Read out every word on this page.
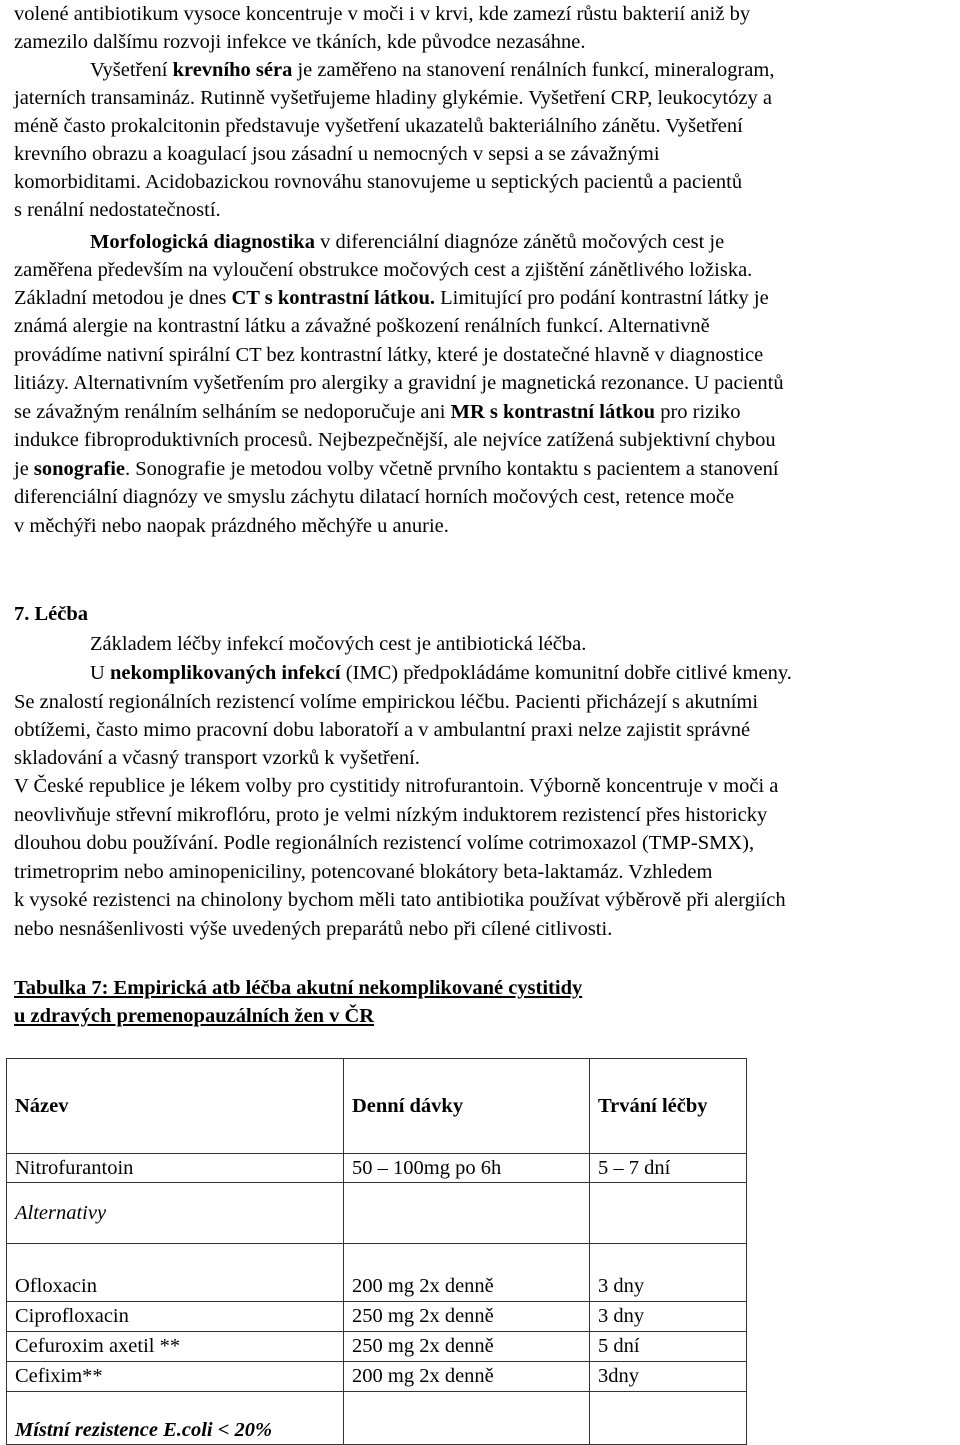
volené antibiotikum vysoce koncentruje v moči i v krvi, kde zamezí růstu bakterií aniž by
zamezilo dalšímu rozvoji infekce ve tkáních, kde původce nezasáhne.
Vyšetření krevního séra je zaměřeno na stanovení renálních funkcí, mineralogram,
jaterních transamináz. Rutinně vyšetřujeme hladiny glykémie. Vyšetření CRP, leukocytózy a
méně často prokalcitonin představuje vyšetření ukazatelů bakteriálního zánětu. Vyšetření
krevního obrazu a koagulací jsou zásadní u nemocných v sepsi a se závažnými
komorbiditami. Acidobazickou rovnováhu stanovujeme u septických pacientů a pacientů
s renální nedostatečností.
Morfologická diagnostika v diferenciální diagnóze zánětů močových cest je
zaměřena především na vyloučení obstrukce močových cest a zjištění zánětlivého ložiska.
Základní metodou je dnes CT s kontrastní látkou. Limitující pro podání kontrastní látky je
známá alergie na kontrastní látku a závažné poškození renálních funkcí. Alternativně
provádíme nativní spirální CT bez kontrastní látky, které je dostatečné hlavně v diagnostice
litiázy. Alternativním vyšetřením pro alergiky a gravidní je magnetická rezonance. U pacientů
se závažným renálním selháním se nedoporučuje ani MR s kontrastní látkou pro riziko
indukce fibroproduktivních procesů. Nejbezpečnější, ale nejvíce zatížená subjektivní chybou
je sonografie. Sonografie je metodou volby včetně prvního kontaktu s pacientem a stanovení
diferenciální diagnózy ve smyslu záchytu dilatací horních močových cest, retence moče
v měchýři nebo naopak prázdného měchýře u anurie.
7. Léčba
Základem léčby infekcí močových cest je antibiotická léčba.
U nekomplikovaných infekcí (IMC) předpokládáme komunitní dobře citlivé kmeny.
Se znalostí regionálních rezistencí volíme empirickou léčbu. Pacienti přicházejí s akutními
obtížemi, často mimo pracovní dobu laboratoří a v ambulantní praxi nelze zajistit správné
skladování a včasný transport vzorků k vyšetření.
V České republice je lékem volby pro cystitidy nitrofurantoin. Výborně koncentruje v moči a
neovlivňuje střevní mikroflóru, proto je velmi nízkým induktorem rezistencí přes historicky
dlouhou dobu používání. Podle regionálních rezistencí volíme cotrimoxazol (TMP-SMX),
trimetroprim nebo aminopeniciliny, potencované blokátory beta-laktamáz. Vzhledem
k vysoké rezistenci na chinolony bychom měli tato antibiotika používat výběrově při alergiích
nebo nesnášenlivosti výše uvedených preparátů nebo při cílené citlivosti.
Tabulka 7: Empirická atb léčba akutní nekomplikované cystitidy
u zdravých premenopauzálních žen v ČR
Název	Denní dávky	Trvání léčby
Nitrofurantoin	50 – 100mg po 6h	5 – 7 dní
Alternativy		
Ofloxacin	200 mg 2x denně	3 dny
Ciprofloxacin	250 mg 2x denně	3 dny
Cefuroxim axetil **	250 mg 2x denně	5 dní
Cefixim**	200 mg 2x denně	3dny
Místní rezistence E.coli < 20%		
